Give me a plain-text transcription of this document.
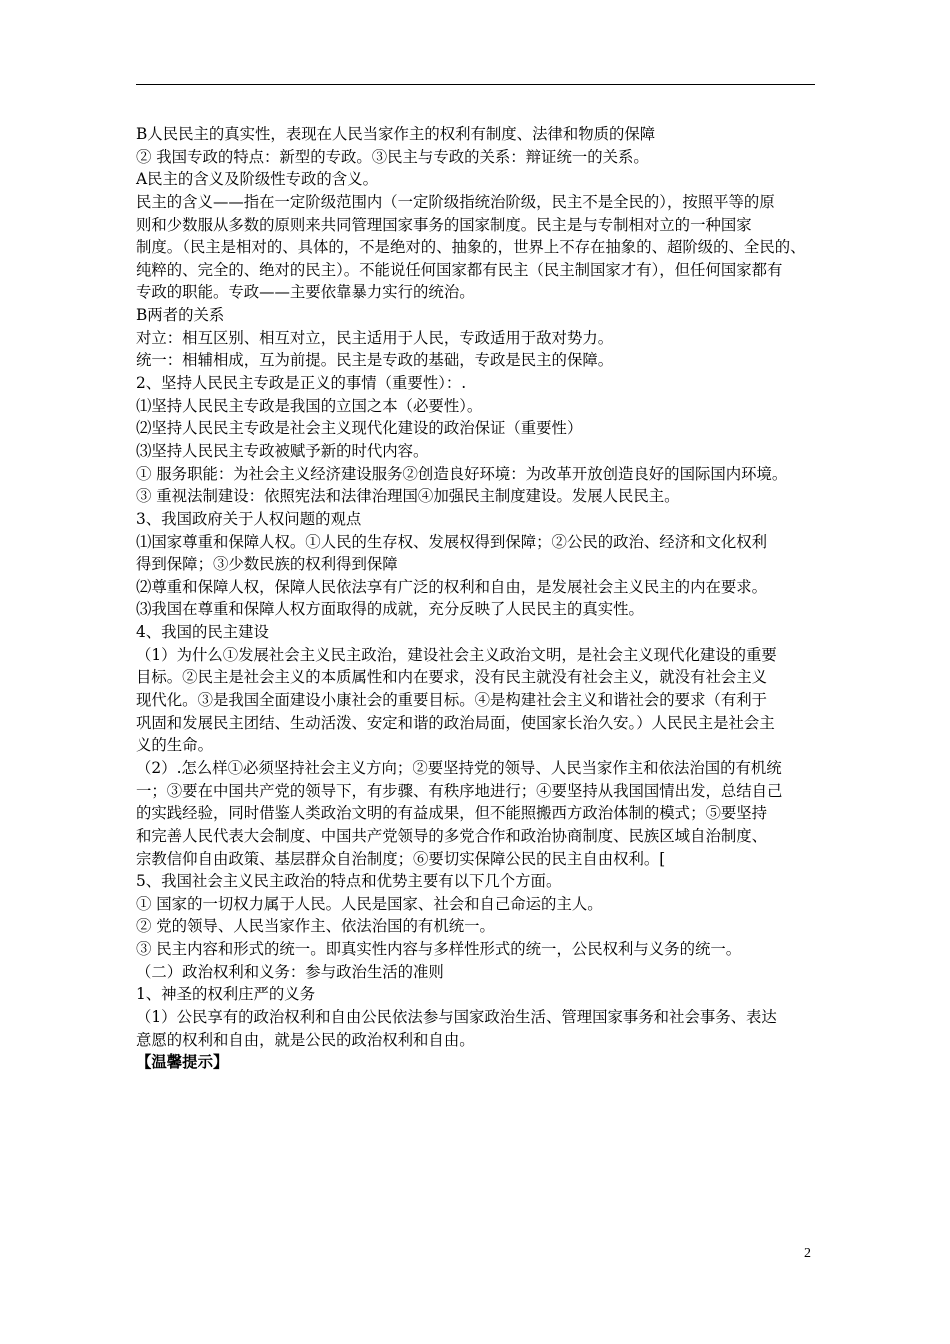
B人民民主的真实性，表现在人民当家作主的权利有制度、法律和物质的保障
② 我国专政的特点：新型的专政。③民主与专政的关系：辩证统一的关系。
A民主的含义及阶级性专政的含义。
民主的含义——指在一定阶级范围内（一定阶级指统治阶级，民主不是全民的），按照平等的原
则和少数服从多数的原则来共同管理国家事务的国家制度。民主是与专制相对立的一种国家
制度。（民主是相对的、具体的，不是绝对的、抽象的，世界上不存在抽象的、超阶级的、全民的、
纯粹的、完全的、绝对的民主）。不能说任何国家都有民主（民主制国家才有），但任何国家都有
专政的职能。专政——主要依靠暴力实行的统治。
B两者的关系
对立：相互区别、相互对立，民主适用于人民，专政适用于敌对势力。
统一：相辅相成，互为前提。民主是专政的基础，专政是民主的保障。
2、坚持人民民主专政是正义的事情（重要性）：.
⑴坚持人民民主专政是我国的立国之本（必要性）。
⑵坚持人民民主专政是社会主义现代化建设的政治保证（重要性）
⑶坚持人民民主专政被赋予新的时代内容。
① 服务职能：为社会主义经济建设服务②创造良好环境：为改革开放创造良好的国际国内环境。
③ 重视法制建设：依照宪法和法律治理国④加强民主制度建设。发展人民民主。
3、我国政府关于人权问题的观点
⑴国家尊重和保障人权。①人民的生存权、发展权得到保障；②公民的政治、经济和文化权利
得到保障；③少数民族的权利得到保障
⑵尊重和保障人权，保障人民依法享有广泛的权利和自由，是发展社会主义民主的内在要求。
⑶我国在尊重和保障人权方面取得的成就，充分反映了人民民主的真实性。
4、我国的民主建设
（1）为什么①发展社会主义民主政治，建设社会主义政治文明，是社会主义现代化建设的重要
目标。②民主是社会主义的本质属性和内在要求，没有民主就没有社会主义，就没有社会主义
现代化。③是我国全面建设小康社会的重要目标。④是构建社会主义和谐社会的要求（有利于
巩固和发展民主团结、生动活泼、安定和谐的政治局面，使国家长治久安。）人民民主是社会主
义的生命。
（2）.怎么样①必须坚持社会主义方向；②要坚持党的领导、人民当家作主和依法治国的有机统
一；③要在中国共产党的领导下，有步骤、有秩序地进行；④要坚持从我国国情出发，总结自己
的实践经验，同时借鉴人类政治文明的有益成果，但不能照搬西方政治体制的模式；⑤要坚持
和完善人民代表大会制度、中国共产党领导的多党合作和政治协商制度、民族区域自治制度、
宗教信仰自由政策、基层群众自治制度；⑥要切实保障公民的民主自由权利。[
5、我国社会主义民主政治的特点和优势主要有以下几个方面。
① 国家的一切权力属于人民。人民是国家、社会和自己命运的主人。
② 党的领导、人民当家作主、依法治国的有机统一。
③ 民主内容和形式的统一。即真实性内容与多样性形式的统一，公民权利与义务的统一。
（二）政治权利和义务：参与政治生活的准则
1、神圣的权利庄严的义务
（1）公民享有的政治权利和自由公民依法参与国家政治生活、管理国家事务和社会事务、表达
意愿的权利和自由，就是公民的政治权利和自由。
【温馨提示】
2
